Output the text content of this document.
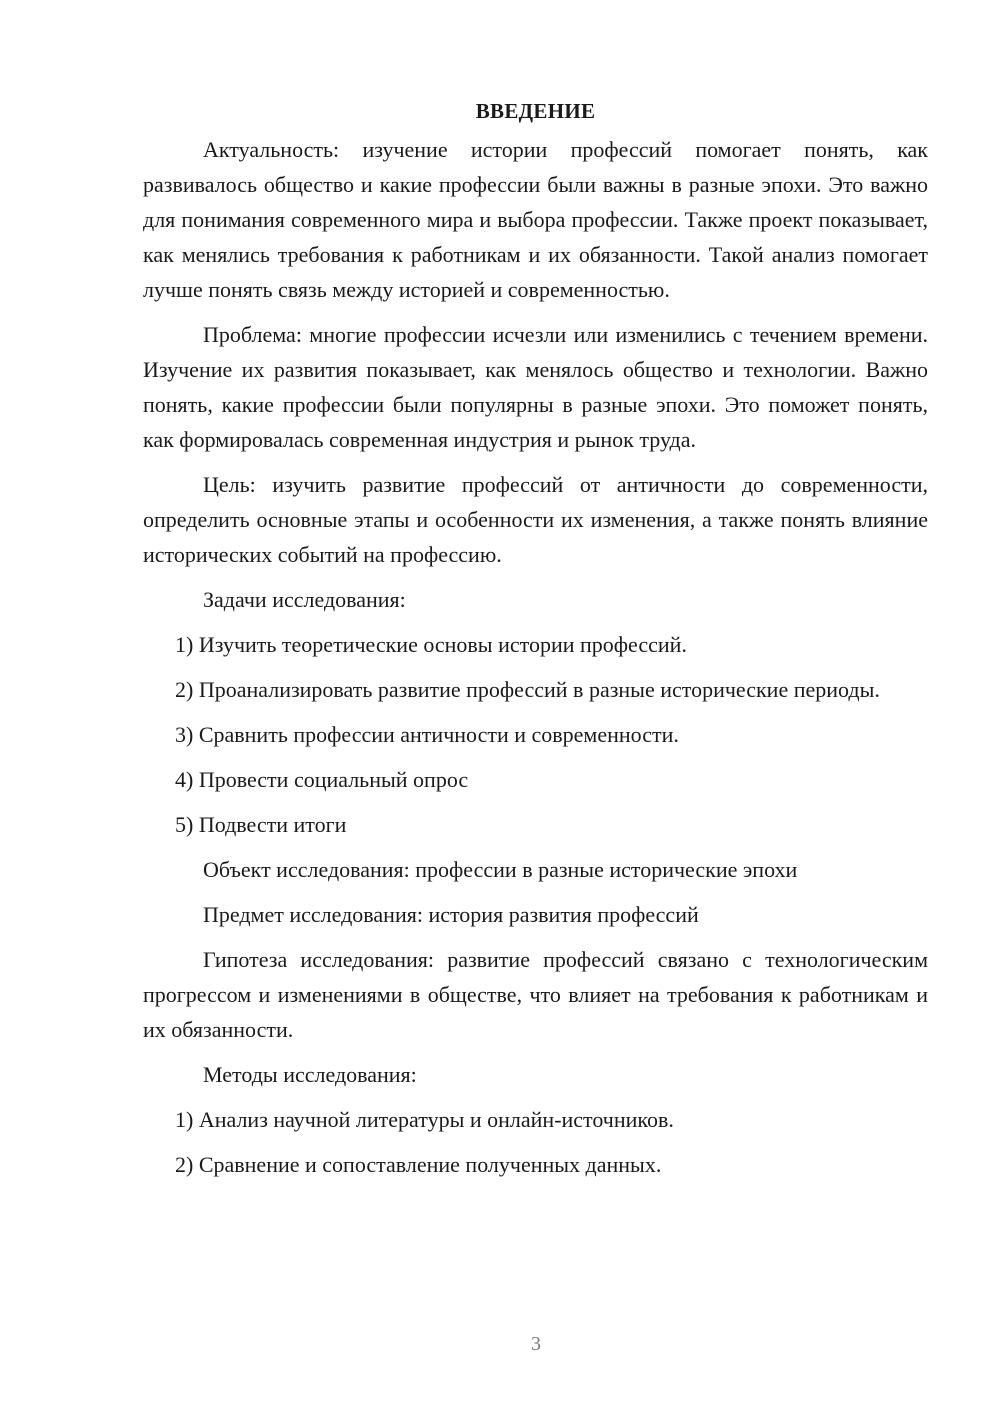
ВВЕДЕНИЕ

Актуальность: изучение истории профессий помогает понять, как развивалось общество и какие профессии были важны в разные эпохи. Это важно для понимания современного мира и выбора профессии. Также проект показывает, как менялись требования к работникам и их обязанности. Такой анализ помогает лучше понять связь между историей и современностью.

Проблема: многие профессии исчезли или изменились с течением времени. Изучение их развития показывает, как менялось общество и технологии. Важно понять, какие профессии были популярны в разные эпохи. Это поможет понять, как формировалась современная индустрия и рынок труда.

Цель: изучить развитие профессий от античности до современности, определить основные этапы и особенности их изменения, а также понять влияние исторических событий на профессию.

Задачи исследования:

1) Изучить теоретические основы истории профессий.

2) Проанализировать развитие профессий в разные исторические периоды.

3) Сравнить профессии античности и современности.

4) Провести социальный опрос

5) Подвести итоги

Объект исследования: профессии в разные исторические эпохи

Предмет исследования: история развития профессий

Гипотеза исследования: развитие профессий связано с технологическим прогрессом и изменениями в обществе, что влияет на требования к работникам и их обязанности.

Методы исследования:

1) Анализ научной литературы и онлайн-источников.

2) Сравнение и сопоставление полученных данных.

3
